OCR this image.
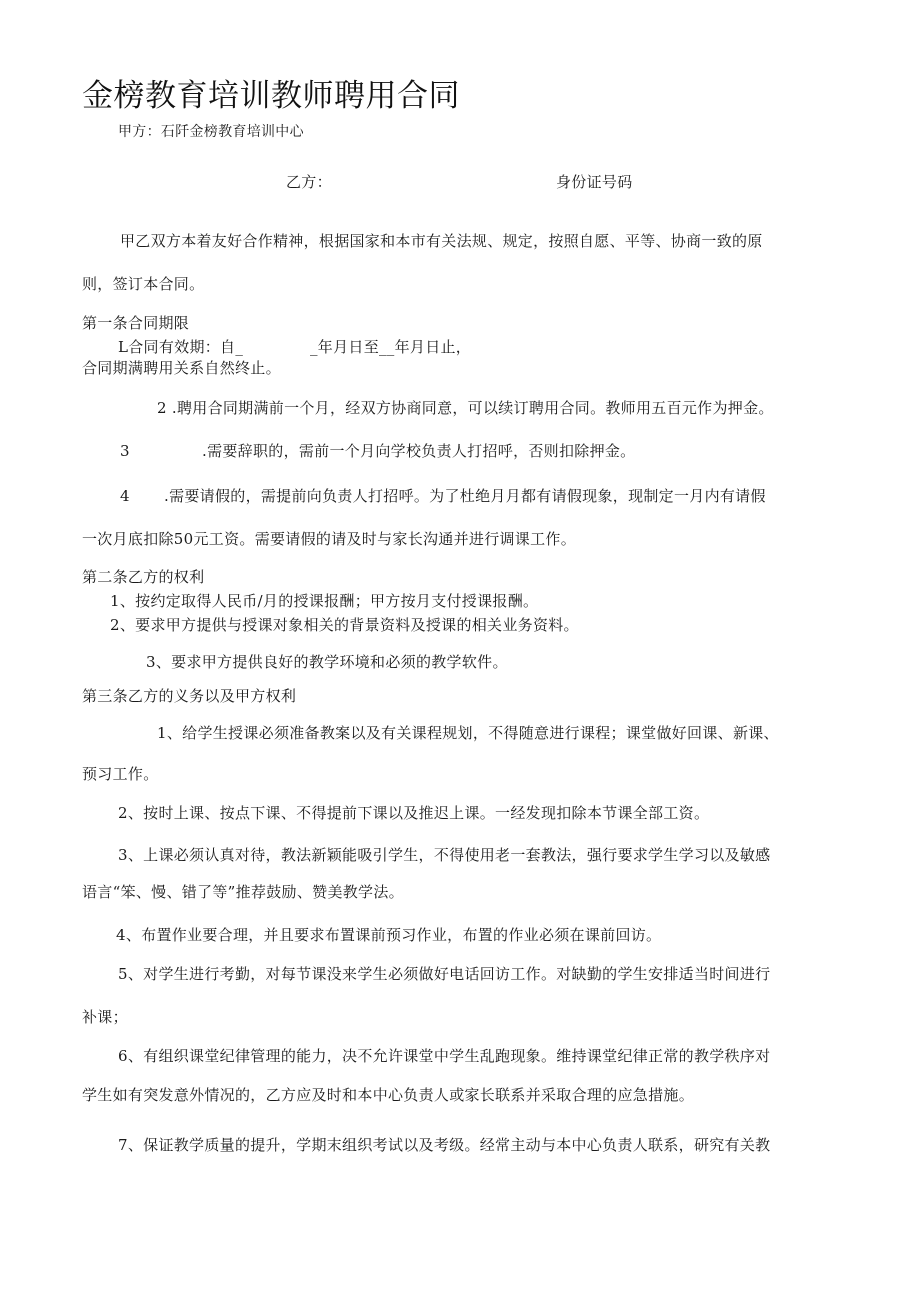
金榜教育培训教师聘用合同
甲方：石阡金榜教育培训中心
乙方：	身份证号码
甲乙双方本着友好合作精神，根据国家和本市有关法规、规定，按照自愿、平等、协商一致的原
则，签订本合同。
第一条合同期限
L合同有效期：自_	_年月日至__年月日止，
合同期满聘用关系自然终止。
2 .聘用合同期满前一个月，经双方协商同意，可以续订聘用合同。教师用五百元作为押金。
3	.需要辞职的，需前一个月向学校负责人打招呼，否则扣除押金。
4 .需要请假的，需提前向负责人打招呼。为了杜绝月月都有请假现象，现制定一月内有请假
一次月底扣除50元工资。需要请假的请及时与家长沟通并进行调课工作。
第二条乙方的权利
1、按约定取得人民币/月的授课报酬；甲方按月支付授课报酬。
2、要求甲方提供与授课对象相关的背景资料及授课的相关业务资料。
3、要求甲方提供良好的教学环境和必须的教学软件。
第三条乙方的义务以及甲方权利
1、给学生授课必须准备教案以及有关课程规划，不得随意进行课程；课堂做好回课、新课、
预习工作。
2、按时上课、按点下课、不得提前下课以及推迟上课。一经发现扣除本节课全部工资。
3、上课必须认真对待，教法新颖能吸引学生，不得使用老一套教法，强行要求学生学习以及敏感
语言“笨、慢、错了等”推荐鼓励、赞美教学法。
4、布置作业要合理，并且要求布置课前预习作业，布置的作业必须在课前回访。
5、对学生进行考勤，对每节课没来学生必须做好电话回访工作。对缺勤的学生安排适当时间进行
补课；
6、有组织课堂纪律管理的能力，决不允许课堂中学生乱跑现象。维持课堂纪律正常的教学秩序对
学生如有突发意外情况的，乙方应及时和本中心负责人或家长联系并采取合理的应急措施。
7、保证教学质量的提升，学期末组织考试以及考级。经常主动与本中心负责人联系，研究有关教
